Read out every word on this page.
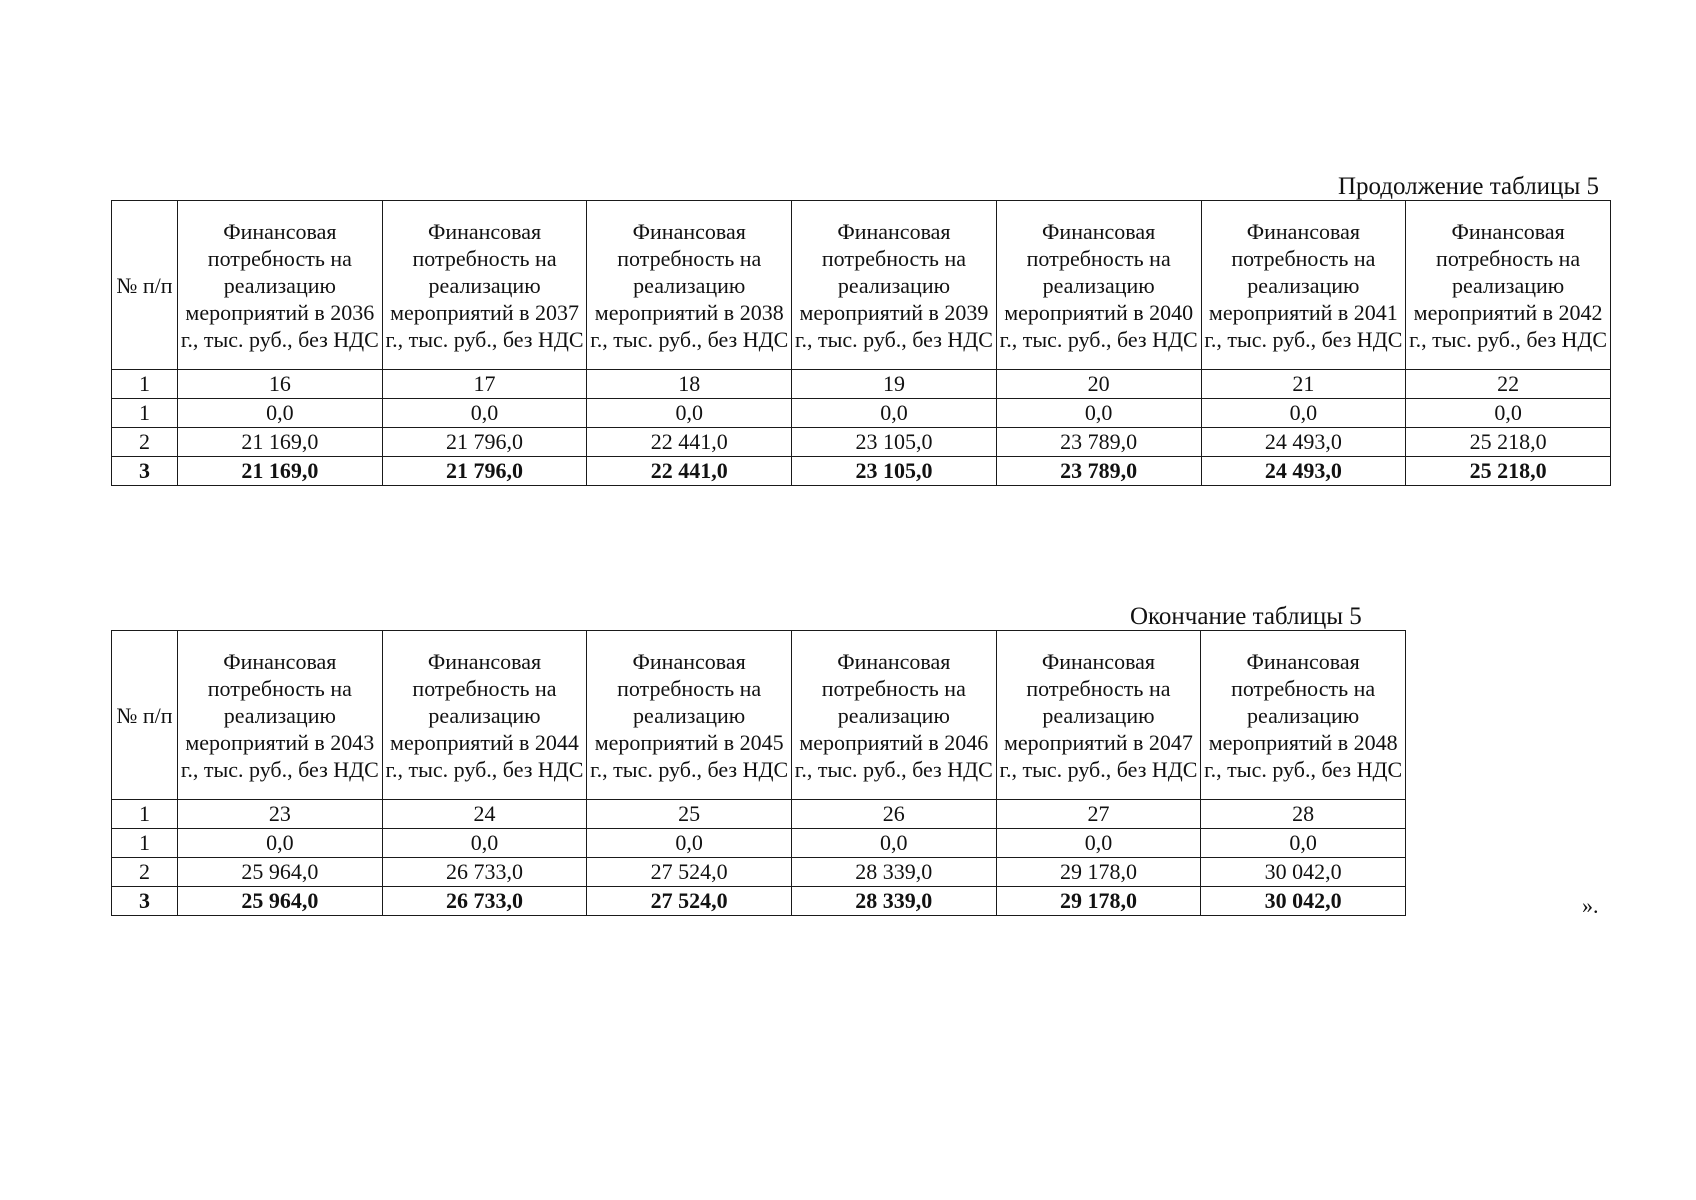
Продолжение таблицы 5
№ п/п	Финансовая потребность на реализацию мероприятий в 2036 г., тыс. руб., без НДС	Финансовая потребность на реализацию мероприятий в 2037 г., тыс. руб., без НДС	Финансовая потребность на реализацию мероприятий в 2038 г., тыс. руб., без НДС	Финансовая потребность на реализацию мероприятий в 2039 г., тыс. руб., без НДС	Финансовая потребность на реализацию мероприятий в 2040 г., тыс. руб., без НДС	Финансовая потребность на реализацию мероприятий в 2041 г., тыс. руб., без НДС	Финансовая потребность на реализацию мероприятий в 2042 г., тыс. руб., без НДС

1	16	17	18	19	20	21	22
1	0,0	0,0	0,0	0,0	0,0	0,0	0,0
2	21 169,0	21 796,0	22 441,0	23 105,0	23 789,0	24 493,0	25 218,0
3	21 169,0	21 796,0	22 441,0	23 105,0	23 789,0	24 493,0	25 218,0
Окончание таблицы 5
№ п/п	Финансовая потребность на реализацию мероприятий в 2043 г., тыс. руб., без НДС	Финансовая потребность на реализацию мероприятий в 2044 г., тыс. руб., без НДС	Финансовая потребность на реализацию мероприятий в 2045 г., тыс. руб., без НДС	Финансовая потребность на реализацию мероприятий в 2046 г., тыс. руб., без НДС	Финансовая потребность на реализацию мероприятий в 2047 г., тыс. руб., без НДС	Финансовая потребность на реализацию мероприятий в 2048 г., тыс. руб., без НДС

1	23	24	25	26	27	28
1	0,0	0,0	0,0	0,0	0,0	0,0
2	25 964,0	26 733,0	27 524,0	28 339,0	29 178,0	30 042,0
3	25 964,0	26 733,0	27 524,0	28 339,0	29 178,0	30 042,0	».
